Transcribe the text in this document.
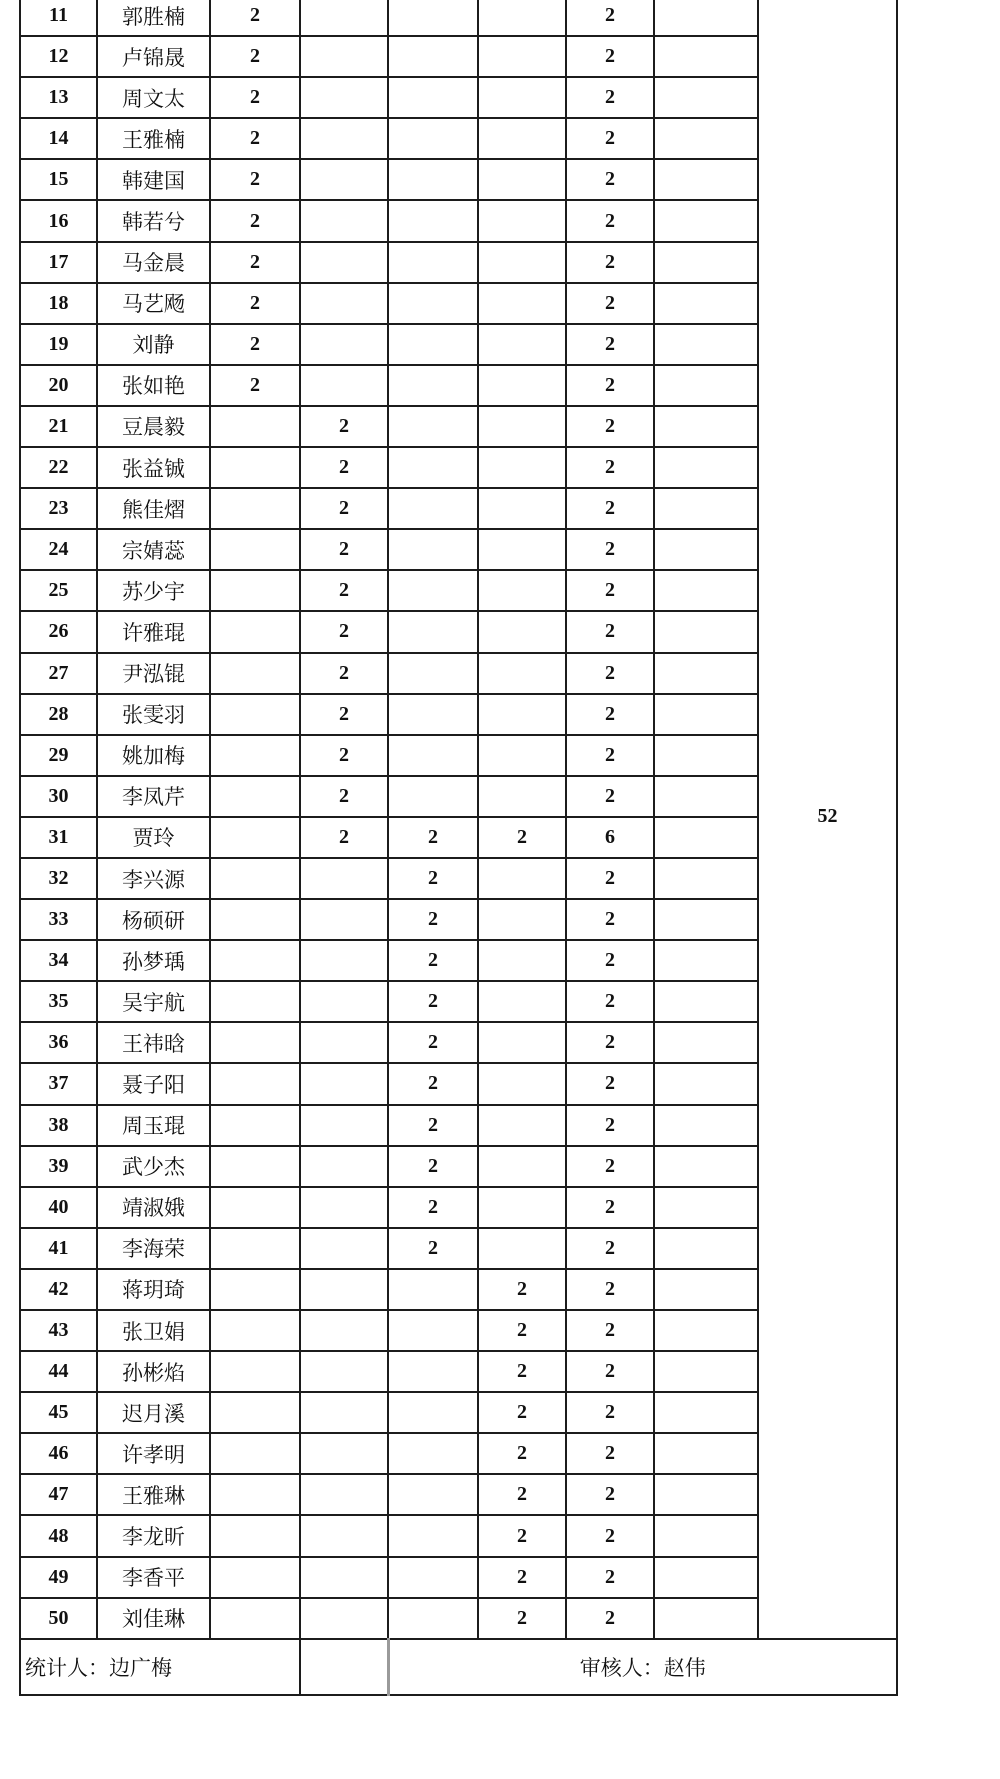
11	郭胜楠	2				2		52
12	卢锦晟	2				2		
13	周文太	2				2		
14	王雅楠	2				2		
15	韩建国	2				2		
16	韩若兮	2				2		
17	马金晨	2				2		
18	马艺飏	2				2		
19	刘静	2				2		
20	张如艳	2				2		
21	豆晨毅		2			2		
22	张益铖		2			2		
23	熊佳熠		2			2		
24	宗婧蕊		2			2		
25	苏少宇		2			2		
26	许雅琨		2			2		
27	尹泓锟		2			2		
28	张雯羽		2			2		
29	姚加梅		2			2		
30	李凤芹		2			2		
31	贾玲		2	2	2	6		
32	李兴源			2		2		
33	杨硕研			2		2		
34	孙梦瑀			2		2		
35	吴宇航			2		2		
36	王祎晗			2		2		
37	聂子阳			2		2		
38	周玉琨			2		2		
39	武少杰			2		2		
40	靖淑娥			2		2		
41	李海荣			2		2		
42	蒋玥琦				2	2		
43	张卫娟				2	2		
44	孙彬焰				2	2		
45	迟月溪				2	2		
46	许孝明				2	2		
47	王雅琳				2	2		
48	李龙昕				2	2		
49	李香平				2	2		
50	刘佳琳				2	2		
统计人：边广梅				审核人：赵伟				
